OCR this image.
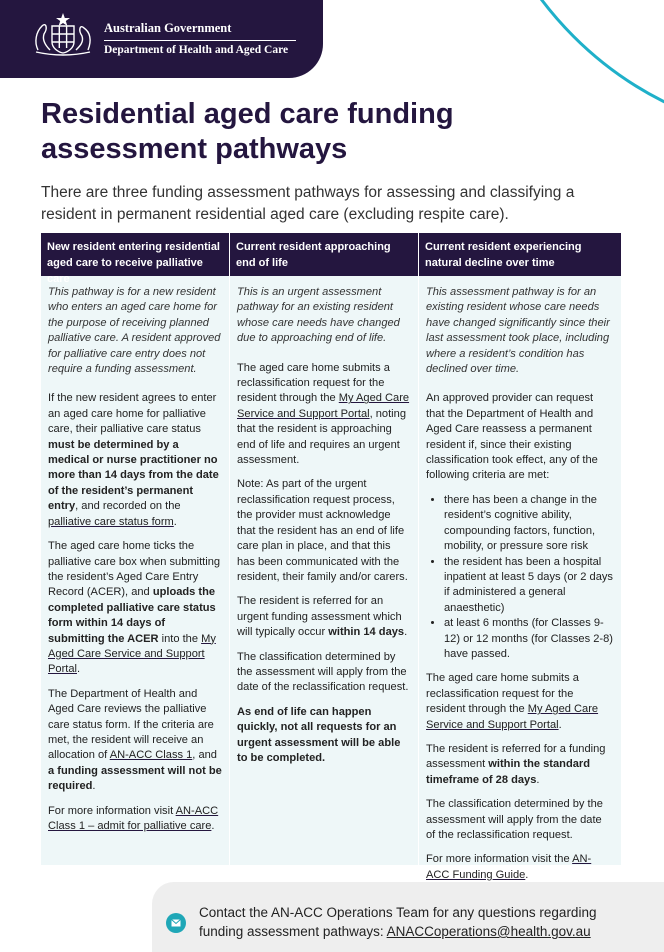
Australian Government
Department of Health and Aged Care
Residential aged care funding assessment pathways

There are three funding assessment pathways for assessing and classifying a resident in permanent residential aged care (excluding respite care).

New resident entering residential aged care to receive palliative care

This pathway is for a new resident who enters an aged care home for the purpose of receiving planned palliative care. A resident approved for palliative care entry does not require a funding assessment.

If the new resident agrees to enter an aged care home for palliative care, their palliative care status must be determined by a medical or nurse practitioner no more than 14 days from the date of the resident’s permanent entry, and recorded on the palliative care status form.

The aged care home ticks the palliative care box when submitting the resident’s Aged Care Entry Record (ACER), and uploads the completed palliative care status form within 14 days of submitting the ACER into the My Aged Care Service and Support Portal.

The Department of Health and Aged Care reviews the palliative care status form. If the criteria are met, the resident will receive an allocation of AN-ACC Class 1, and a funding assessment will not be required.

For more information visit AN-ACC Class 1 – admit for palliative care.

Current resident approaching end of life

This is an urgent assessment pathway for an existing resident whose care needs have changed due to approaching end of life.

The aged care home submits a reclassification request for the resident through the My Aged Care Service and Support Portal, noting that the resident is approaching end of life and requires an urgent assessment.

Note: As part of the urgent reclassification request process, the provider must acknowledge that the resident has an end of life care plan in place, and that this has been communicated with the resident, their family and/or carers.

The resident is referred for an urgent funding assessment which will typically occur within 14 days.

The classification determined by the assessment will apply from the date of the reclassification request.

As end of life can happen quickly, not all requests for an urgent assessment will be able to be completed.

Current resident experiencing natural decline over time

This assessment pathway is for an existing resident whose care needs have changed significantly since their last assessment took place, including where a resident’s condition has declined over time.

An approved provider can request that the Department of Health and Aged Care reassess a permanent resident if, since their existing classification took effect, any of the following criteria are met:

• there has been a change in the resident’s cognitive ability, compounding factors, function, mobility, or pressure sore risk
• the resident has been a hospital inpatient at least 5 days (or 2 days if administered a general anaesthetic)
• at least 6 months (for Classes 9-12) or 12 months (for Classes 2-8) have passed.

The aged care home submits a reclassification request for the resident through the My Aged Care Service and Support Portal.

The resident is referred for a funding assessment within the standard timeframe of 28 days.

The classification determined by the assessment will apply from the date of the reclassification request.

For more information visit the AN-ACC Funding Guide.

Contact the AN-ACC Operations Team for any questions regarding funding assessment pathways: ANACCoperations@health.gov.au
